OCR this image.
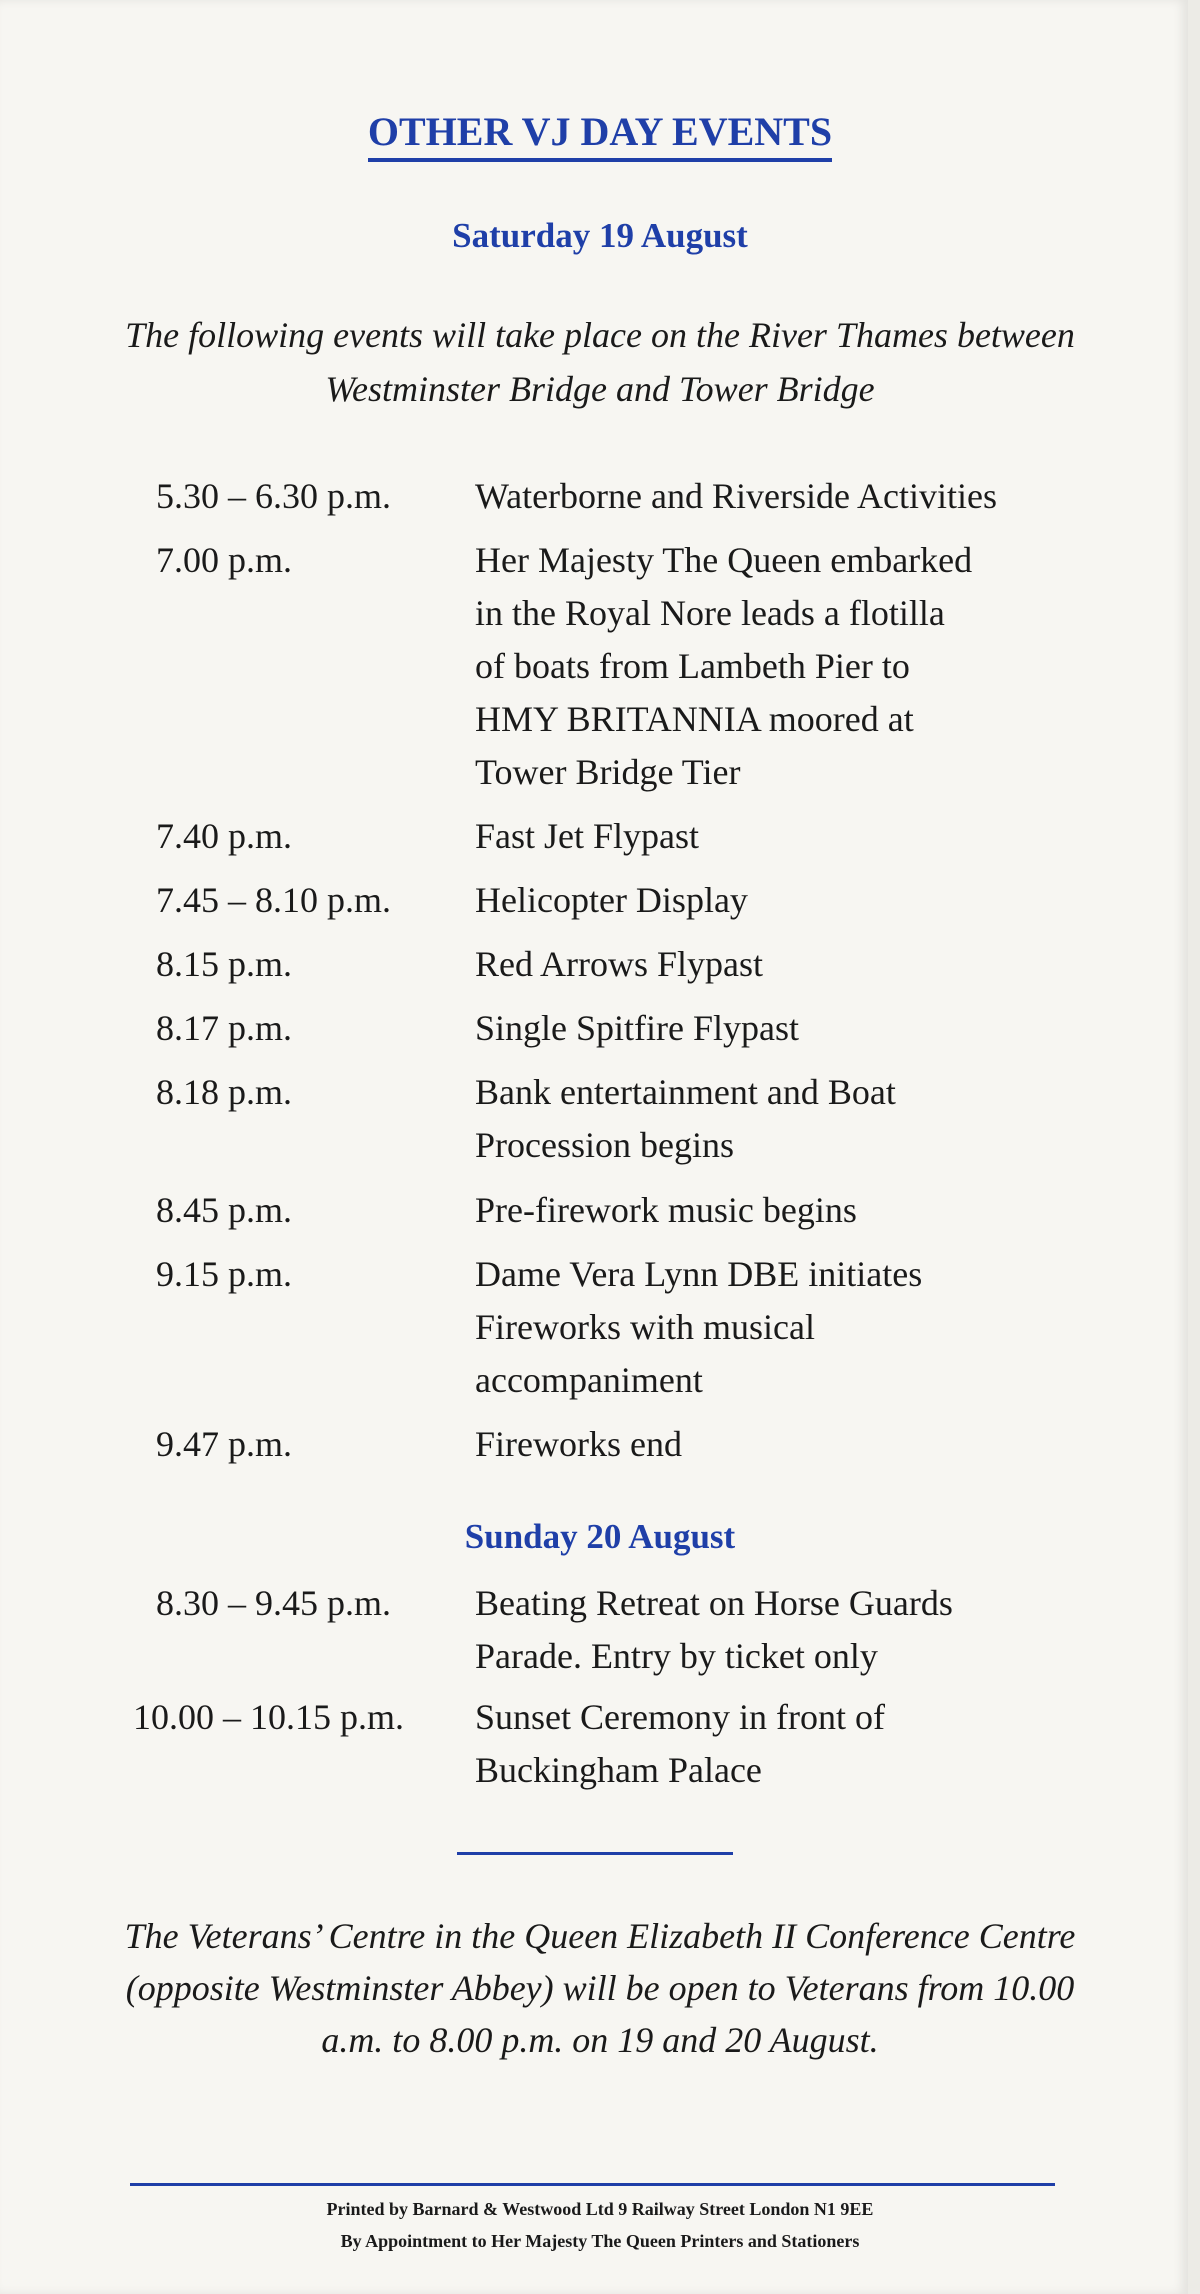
OTHER VJ DAY EVENTS
Saturday 19 August
The following events will take place on the River Thames between Westminster Bridge and Tower Bridge
5.30 – 6.30 p.m. Waterborne and Riverside Activities
7.00 p.m.	Her Majesty The Queen embarked
in the Royal Nore leads a flotilla
of boats from Lambeth Pier to
HMY BRITANNIA moored at
Tower Bridge Tier
7.40 p.m.	Fast Jet Flypast
7.45 – 8.10 p.m. Helicopter Display
8.15 p.m.	Red Arrows Flypast
8.17 p.m.	Single Spitfire Flypast
8.18 p.m.	Bank entertainment and Boat
Procession begins
8.45 p.m.	Pre-firework music begins
9.15 p.m.	Dame Vera Lynn DBE initiates
Fireworks with musical
accompaniment
9.47 p.m.	Fireworks end
Sunday 20 August
8.30 – 9.45 p.m. Beating Retreat on Horse Guards
Parade. Entry by ticket only
10.00 – 10.15 p.m. Sunset Ceremony in front of
Buckingham Palace
The Veterans’ Centre in the Queen Elizabeth II Conference Centre (opposite Westminster Abbey) will be open to Veterans from 10.00 a.m. to 8.00 p.m. on 19 and 20 August.
Printed by Barnard & Westwood Ltd 9 Railway Street London N1 9EE
By Appointment to Her Majesty The Queen Printers and Stationers
